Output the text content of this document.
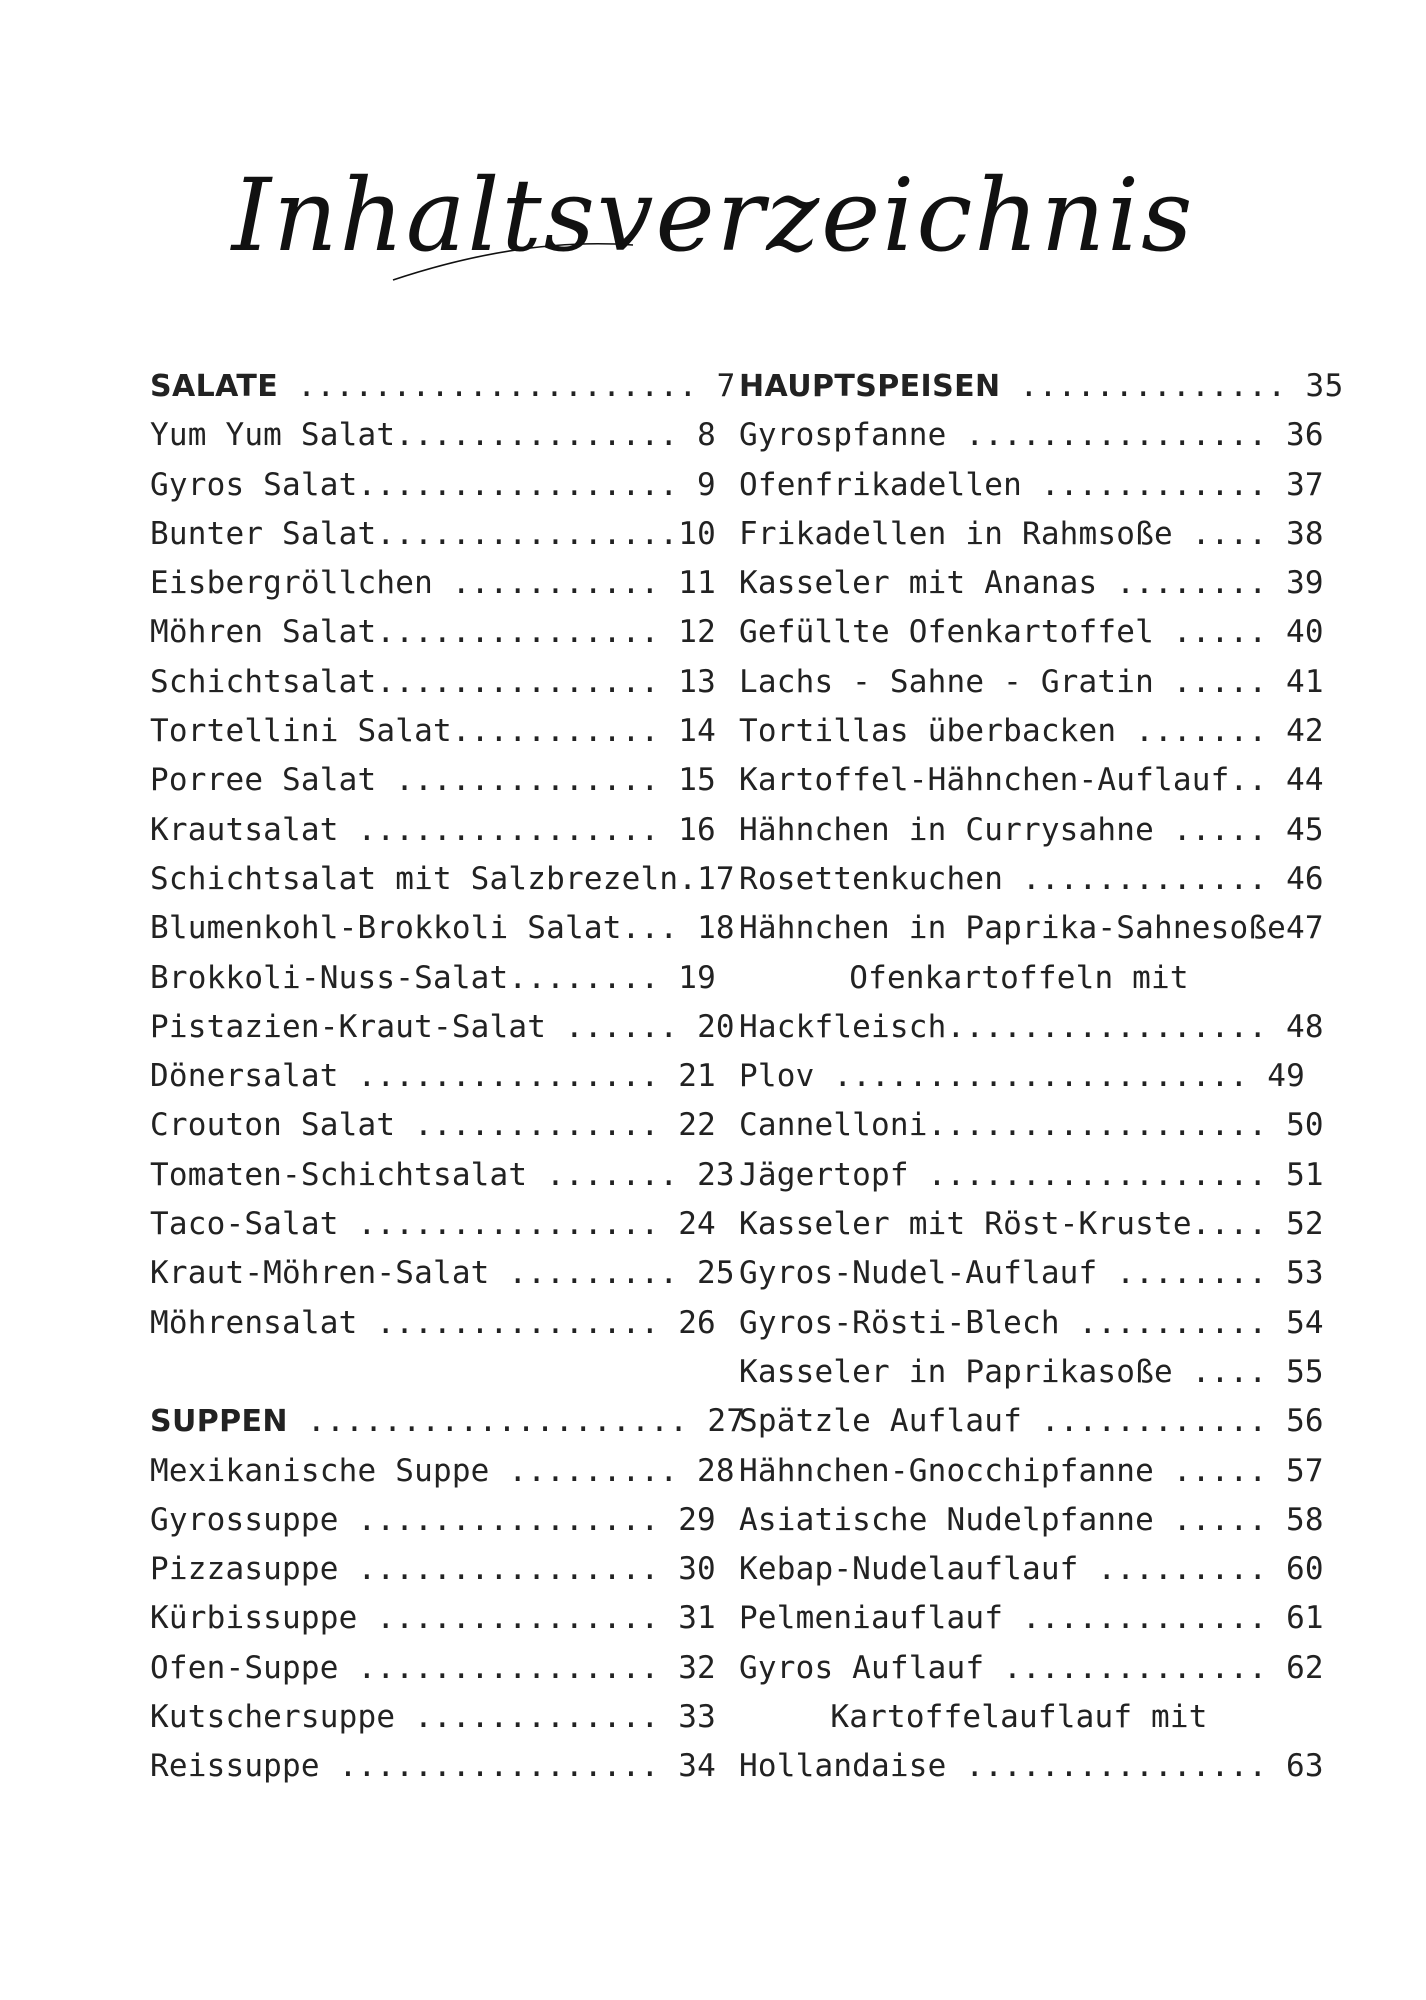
Inhaltsverzeichnis
SALATE ..................... 7
Yum Yum Salat............... 8
Gyros Salat................. 9
Bunter Salat................10
Eisbergröllchen ........... 11
Möhren Salat............... 12
Schichtsalat............... 13
Tortellini Salat........... 14
Porree Salat .............. 15
Krautsalat ................ 16
Schichtsalat mit Salzbrezeln.17
Blumenkohl-Brokkoli Salat... 18
Brokkoli-Nuss-Salat........ 19
Pistazien-Kraut-Salat ...... 20
Dönersalat ................ 21
Crouton Salat ............. 22
Tomaten-Schichtsalat ....... 23
Taco-Salat ................ 24
Kraut-Möhren-Salat ......... 25
Möhrensalat ............... 26
SUPPEN .................... 27
Mexikanische Suppe ......... 28
Gyrossuppe ................ 29
Pizzasuppe ................ 30
Kürbissuppe ............... 31
Ofen-Suppe ................ 32
Kutschersuppe ............. 33
Reissuppe ................. 34
HAUPTSPEISEN .............. 35
Gyrospfanne ................ 36
Ofenfrikadellen ............ 37
Frikadellen in Rahmsoße .... 38
Kasseler mit Ananas ........ 39
Gefüllte Ofenkartoffel ..... 40
Lachs - Sahne - Gratin ..... 41
Tortillas überbacken ....... 42
Kartoffel-Hähnchen-Auflauf.. 44
Hähnchen in Currysahne ..... 45
Rosettenkuchen ............. 46
Hähnchen in Paprika-Sahnesoße47
Ofenkartoffeln mit
Hackfleisch................. 48
Plov ...................... 49
Cannelloni.................. 50
Jägertopf .................. 51
Kasseler mit Röst-Kruste.... 52
Gyros-Nudel-Auflauf ........ 53
Gyros-Rösti-Blech .......... 54
Kasseler in Paprikasoße .... 55
Spätzle Auflauf ............ 56
Hähnchen-Gnocchipfanne ..... 57
Asiatische Nudelpfanne ..... 58
Kebap-Nudelauflauf ......... 60
Pelmeniauflauf ............. 61
Gyros Auflauf .............. 62
Kartoffelauflauf mit
Hollandaise ................ 63
